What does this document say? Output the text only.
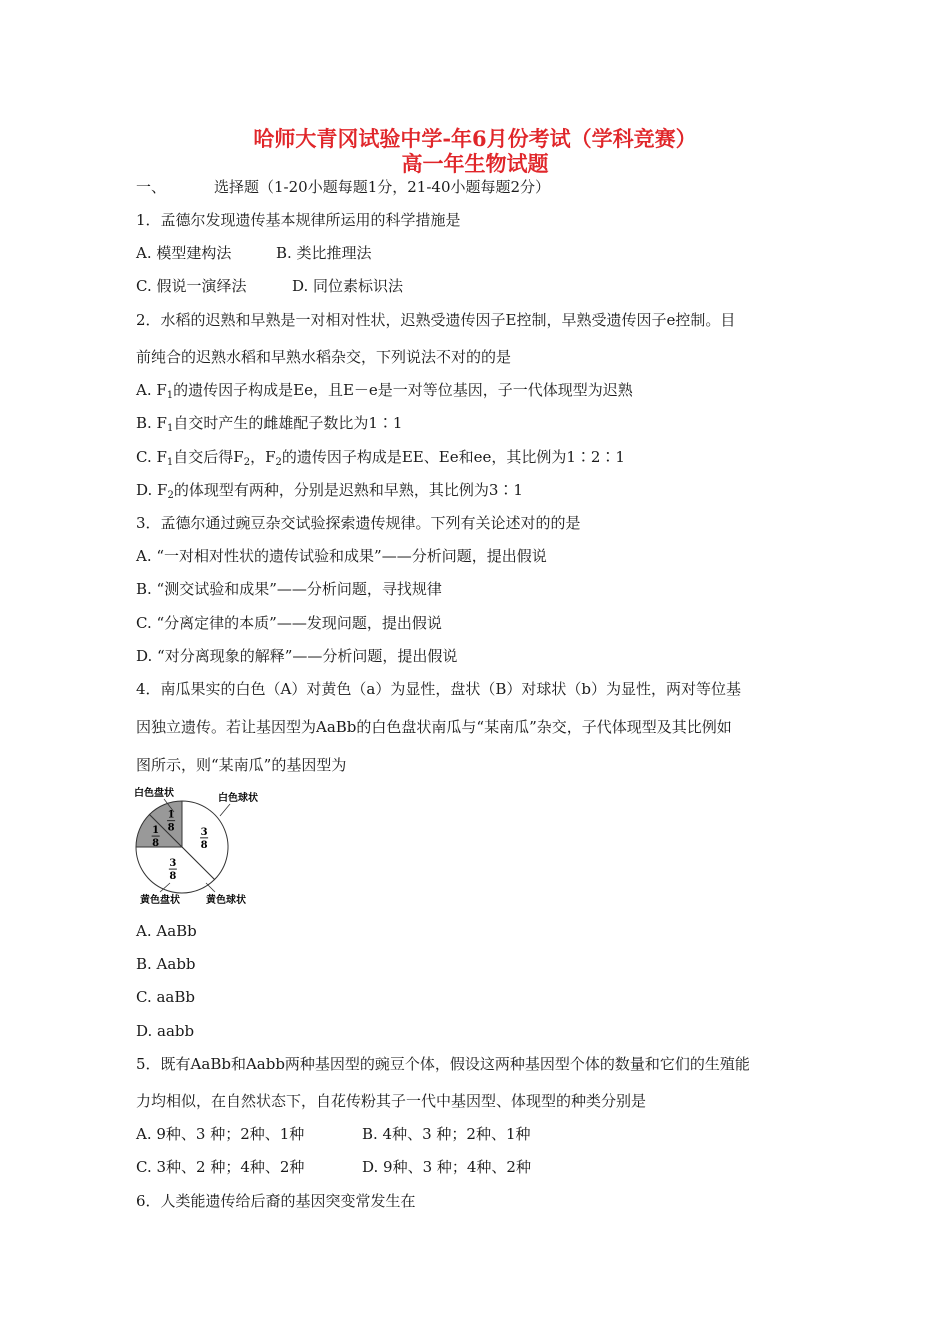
哈师大青冈试验中学-年6月份考试（学科竞赛）
高一年生物试题
一、	选择题（1-20小题每题1分，21-40小题每题2分）
1．孟德尔发现遗传基本规律所运用的科学措施是
A. 模型建构法	B. 类比推理法
C. 假说一演绎法	D. 同位素标识法
2．水稻的迟熟和早熟是一对相对性状，迟熟受遗传因子E控制，早熟受遗传因子e控制。目
前纯合的迟熟水稻和早熟水稻杂交，下列说法不对的的是
A. $F_1$的遗传因子构成是Ee，且E－e是一对等位基因，子一代体现型为迟熟
B. $F_1$自交时产生的雌雄配子数比为1∶1
C. $F_1$自交后得$F_2$，$F_2$的遗传因子构成是EE、Ee和ee，其比例为1∶2∶1
D. $F_2$的体现型有两种，分别是迟熟和早熟，其比例为3∶1
3．孟德尔通过豌豆杂交试验探索遗传规律。下列有关论述对的的是
A. “一对相对性状的遗传试验和成果”——分析问题，提出假说
B. “测交试验和成果”——分析问题，寻找规律
C. “分离定律的本质”——发现问题，提出假说
D. “对分离现象的解释”——分析问题，提出假说
4．南瓜果实的白色（A）对黄色（a）为显性，盘状（B）对球状（b）为显性，两对等位基
因独立遗传。若让基因型为AaBb的白色盘状南瓜与“某南瓜”杂交，子代体现型及其比例如
图所示，则“某南瓜”的基因型为
3
8
3
8
1
8
1
8
白色盘状	白色球状
黄色球状
黄色盘状
A. AaBb
B. Aabb
C. aaBb
D. aabb
5．既有AaBb和Aabb两种基因型的豌豆个体，假设这两种基因型个体的数量和它们的生殖能
力均相似，在自然状态下，自花传粉其子一代中基因型、体现型的种类分别是
A. 9种、3 种；2种、1种	B. 4种、3 种；2种、1种
C. 3种、2 种；4种、2种	D. 9种、3 种；4种、2种
6．人类能遗传给后裔的基因突变常发生在
